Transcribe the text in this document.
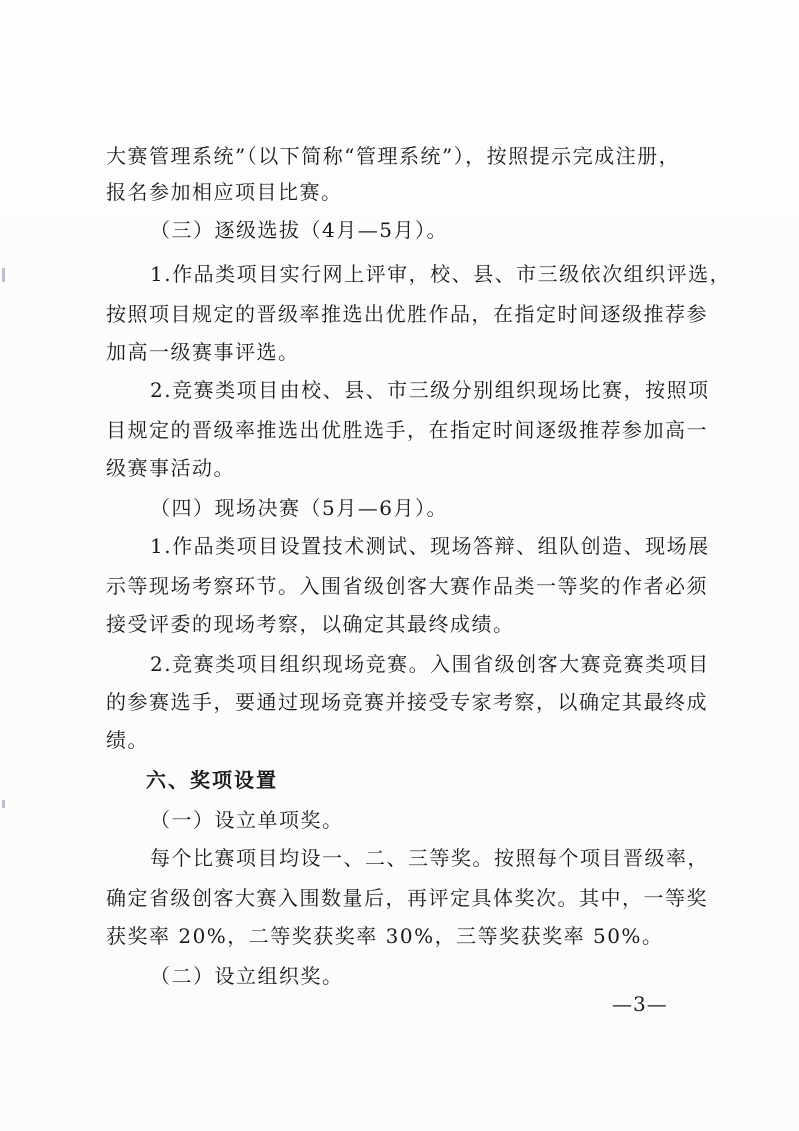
大赛管理系统”（以下简称“管理系统”），按照提示完成注册，
报名参加相应项目比赛。
（三）逐级选拔（4月—5月）。
1.作品类项目实行网上评审，校、县、市三级依次组织评选，
按照项目规定的晋级率推选出优胜作品，在指定时间逐级推荐参
加高一级赛事评选。
2.竞赛类项目由校、县、市三级分别组织现场比赛，按照项
目规定的晋级率推选出优胜选手，在指定时间逐级推荐参加高一
级赛事活动。
（四）现场决赛（5月—6月）。
1.作品类项目设置技术测试、现场答辩、组队创造、现场展
示等现场考察环节。入围省级创客大赛作品类一等奖的作者必须
接受评委的现场考察，以确定其最终成绩。
2.竞赛类项目组织现场竞赛。入围省级创客大赛竞赛类项目
的参赛选手，要通过现场竞赛并接受专家考察，以确定其最终成
绩。
六、奖项设置
（一）设立单项奖。
每个比赛项目均设一、二、三等奖。按照每个项目晋级率，
确定省级创客大赛入围数量后，再评定具体奖次。其中，一等奖
获奖率 20%，二等奖获奖率 30%，三等奖获奖率 50%。
（二）设立组织奖。
—3—
